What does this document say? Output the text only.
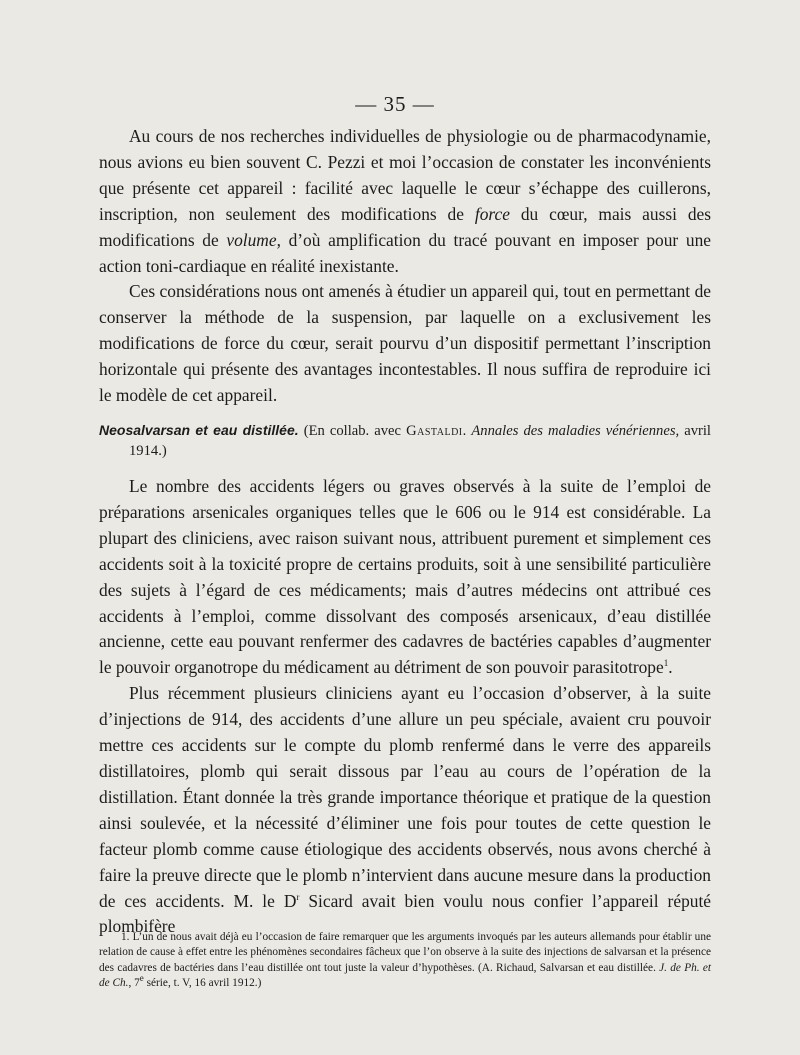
— 35 —

Au cours de nos recherches individuelles de physiologie ou de pharmacodynamie, nous avions eu bien souvent C. Pezzi et moi l’occasion de constater les inconvénients que présente cet appareil : facilité avec laquelle le cœur s’échappe des cuillerons, inscription, non seulement des modifications de force du cœur, mais aussi des modifications de volume, d’où amplification du tracé pouvant en imposer pour une action toni-cardiaque en réalité inexistante.

Ces considérations nous ont amenés à étudier un appareil qui, tout en permettant de conserver la méthode de la suspension, par laquelle on a exclusivement les modifications de force du cœur, serait pourvu d’un dispositif permettant l’inscription horizontale qui présente des avantages incontestables. Il nous suffira de reproduire ici le modèle de cet appareil.

Neosalvarsan et eau distillée. (En collab. avec Gastaldi. Annales des maladies vénériennes, avril 1914.)

Le nombre des accidents légers ou graves observés à la suite de l’emploi de préparations arsenicales organiques telles que le 606 ou le 914 est considérable. La plupart des cliniciens, avec raison suivant nous, attribuent purement et simplement ces accidents soit à la toxicité propre de certains produits, soit à une sensibilité particulière des sujets à l’égard de ces médicaments; mais d’autres médecins ont attribué ces accidents à l’emploi, comme dissolvant des composés arsenicaux, d’eau distillée ancienne, cette eau pouvant renfermer des cadavres de bactéries capables d’augmenter le pouvoir organotrope du médicament au détriment de son pouvoir parasitotrope$^1$.

Plus récemment plusieurs cliniciens ayant eu l’occasion d’observer, à la suite d’injections de 914, des accidents d’une allure un peu spéciale, avaient cru pouvoir mettre ces accidents sur le compte du plomb renfermé dans le verre des appareils distillatoires, plomb qui serait dissous par l’eau au cours de l’opération de la distillation. Étant donnée la très grande importance théorique et pratique de la question ainsi soulevée, et la nécessité d’éliminer une fois pour toutes de cette question le facteur plomb comme cause étiologique des accidents observés, nous avons cherché à faire la preuve directe que le plomb n’intervient dans aucune mesure dans la production de ces accidents. M. le $D^r$ Sicard avait bien voulu nous confier l’appareil réputé plombifère

1. L’un de nous avait déjà eu l’occasion de faire remarquer que les arguments invoqués par les auteurs allemands pour établir une relation de cause à effet entre les phénomènes secondaires fâcheux que l’on observe à la suite des injections de salvarsan et la présence des cadavres de bactéries dans l’eau distillée ont tout juste la valeur d’hypothèses. (A. Richaud, Salvarsan et eau distillée. J. de Ph. et de Ch., 7e série, t. V, 16 avril 1912.)
